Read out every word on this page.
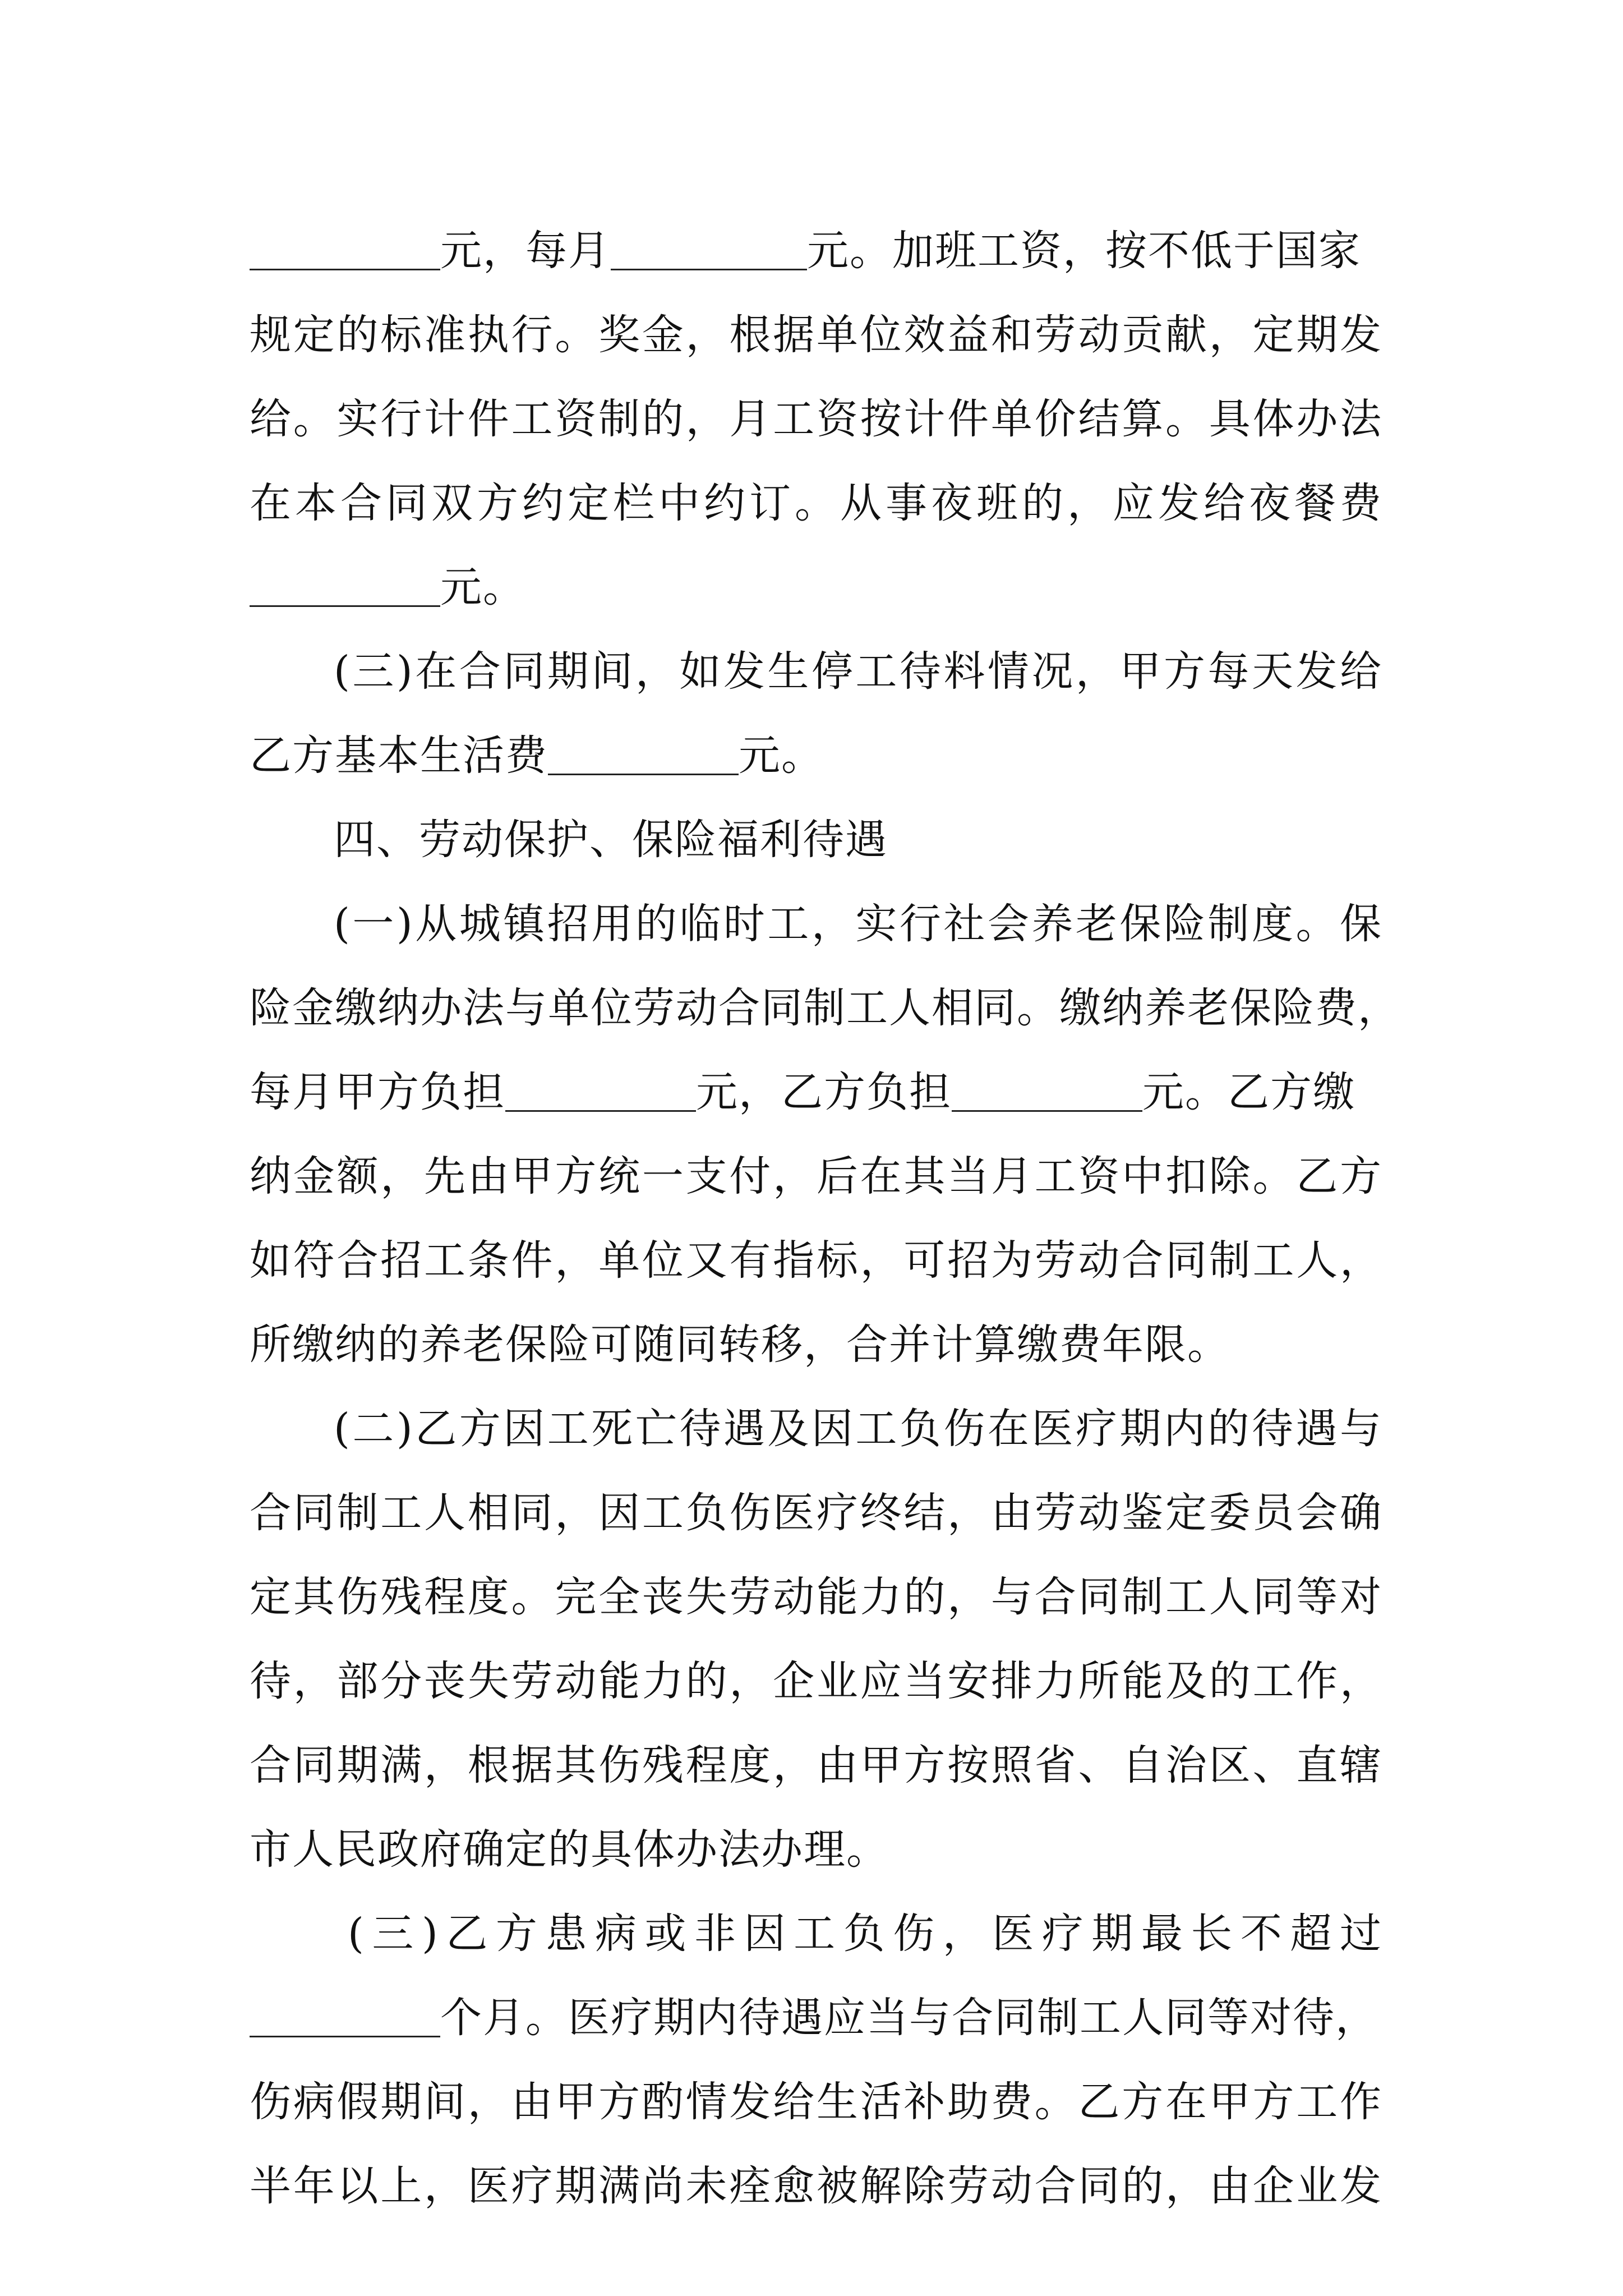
元，每月	元。加班工资，按不低于国家
规定的标准执行。奖金，根据单位效益和劳动贡献，定期发
给。实行计件工资制的，月工资按计件单价结算。具体办法
在本合同双方约定栏中约订。从事夜班的，应发给夜餐费
元。
(三)在合同期间，如发生停工待料情况，甲方每天发给
乙方基本生活费	元。
四、劳动保护、保险福利待遇
(一)从城镇招用的临时工，实行社会养老保险制度。保
险金缴纳办法与单位劳动合同制工人相同。缴纳养老保险费，
每月甲方负担	元，乙方负担	元。乙方缴
纳金额，先由甲方统一支付，后在其当月工资中扣除。乙方
如符合招工条件，单位又有指标，可招为劳动合同制工人，
所缴纳的养老保险可随同转移，合并计算缴费年限。
(二)乙方因工死亡待遇及因工负伤在医疗期内的待遇与
合同制工人相同，因工负伤医疗终结，由劳动鉴定委员会确
定其伤残程度。完全丧失劳动能力的，与合同制工人同等对
待，部分丧失劳动能力的，企业应当安排力所能及的工作，
合同期满，根据其伤残程度，由甲方按照省、自治区、直辖
市人民政府确定的具体办法办理。
(三)乙方患病或非因工负伤，医疗期最长不超过
个月。医疗期内待遇应当与合同制工人同等对待，
伤病假期间，由甲方酌情发给生活补助费。乙方在甲方工作
半年以上，医疗期满尚未痊愈被解除劳动合同的，由企业发
